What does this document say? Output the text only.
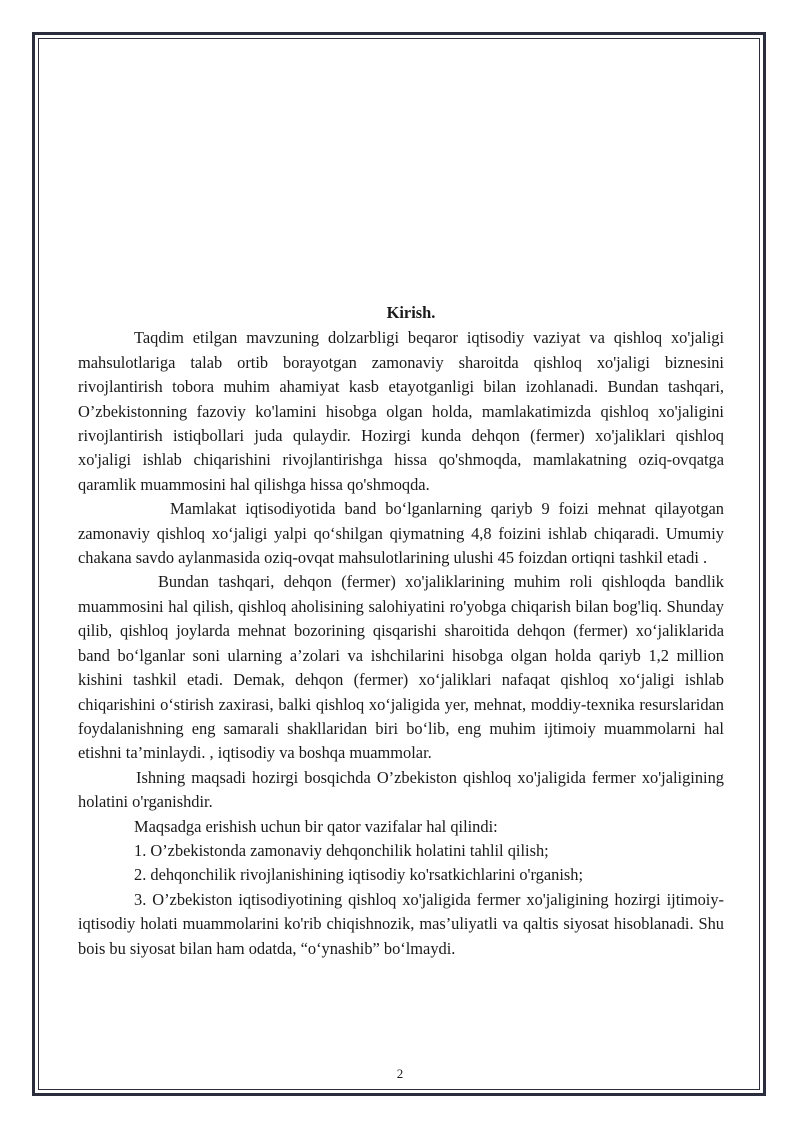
Kirish.

Taqdim etilgan mavzuning dolzarbligi beqaror iqtisodiy vaziyat va qishloq xo'jaligi mahsulotlariga talab ortib borayotgan zamonaviy sharoitda qishloq xo'jaligi biznesini rivojlantirish tobora muhim ahamiyat kasb etayotganligi bilan izohlanadi. Bundan tashqari, O’zbekistonning fazoviy ko'lamini hisobga olgan holda, mamlakatimizda qishloq xo'jaligini rivojlantirish istiqbollari juda qulaydir. Hozirgi kunda dehqon (fermer) xo'jaliklari qishloq xo'jaligi ishlab chiqarishini rivojlantirishga hissa qo'shmoqda, mamlakatning oziq-ovqatga qaramlik muammosini hal qilishga hissa qo'shmoqda.

Mamlakat iqtisodiyotida band boʻlganlarning qariyb 9 foizi mehnat qilayotgan zamonaviy qishloq xoʻjaligi yalpi qoʻshilgan qiymatning 4,8 foizini ishlab chiqaradi. Umumiy chakana savdo aylanmasida oziq-ovqat mahsulotlarining ulushi 45 foizdan ortiqni tashkil etadi .

Bundan tashqari, dehqon (fermer) xo'jaliklarining muhim roli qishloqda bandlik muammosini hal qilish, qishloq aholisining salohiyatini ro'yobga chiqarish bilan bog'liq. Shunday qilib, qishloq joylarda mehnat bozorining qisqarishi sharoitida dehqon (fermer) xoʻjaliklarida band boʻlganlar soni ularning a’zolari va ishchilarini hisobga olgan holda qariyb 1,2 million kishini tashkil etadi. Demak, dehqon (fermer) xoʻjaliklari nafaqat qishloq xoʻjaligi ishlab chiqarishini oʻstirish zaxirasi, balki qishloq xoʻjaligida yer, mehnat, moddiy-texnika resurslaridan foydalanishning eng samarali shakllaridan biri boʻlib, eng muhim ijtimoiy muammolarni hal etishni ta’minlaydi. , iqtisodiy va boshqa muammolar.

Ishning maqsadi hozirgi bosqichda O’zbekiston qishloq xo'jaligida fermer xo'jaligining holatini o'rganishdir.

Maqsadga erishish uchun bir qator vazifalar hal qilindi:

1. O’zbekistonda zamonaviy dehqonchilik holatini tahlil qilish;

2. dehqonchilik rivojlanishining iqtisodiy ko'rsatkichlarini o'rganish;

3. O’zbekiston iqtisodiyotining qishloq xo'jaligida fermer xo'jaligining hozirgi ijtimoiy-iqtisodiy holati muammolarini ko'rib chiqishnozik, mas’uliyatli va qaltis siyosat hisoblanadi. Shu bois bu siyosat bilan ham odatda, “oʻynashib” boʻlmaydi.

2
